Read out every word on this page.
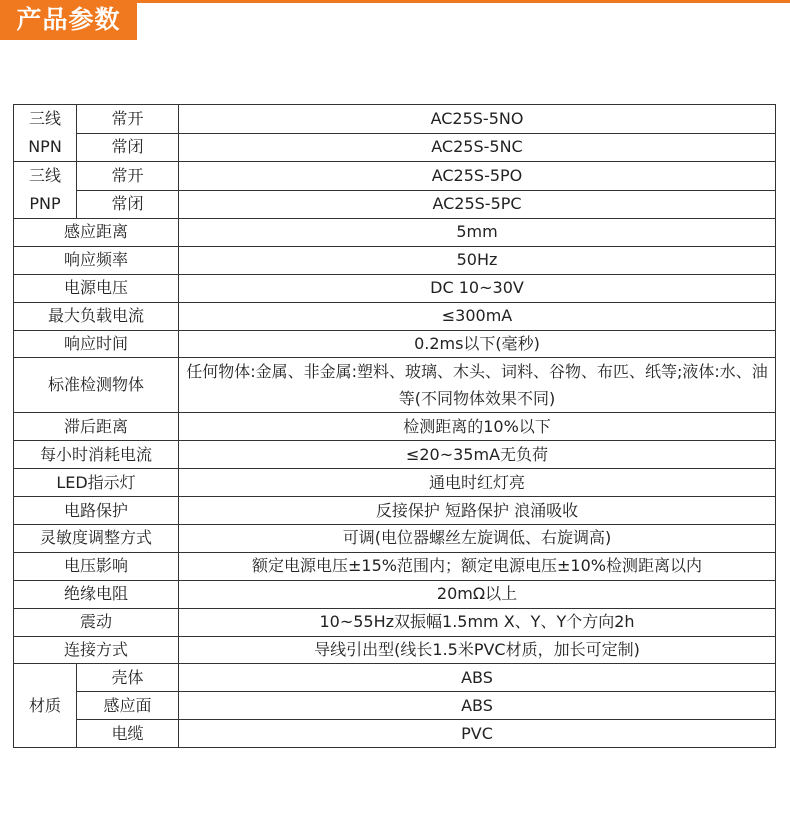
产品参数
三线
NPN	常开	AC25S-5NO
	常闭	AC25S-5NC
三线
PNP	常开	AC25S-5PO
	常闭	AC25S-5PC
感应距离		5mm
响应频率		50Hz
电源电压		DC 10~30V
最大负载电流		≤300mA
响应时间		0.2ms以下(毫秒)
标准检测物体		任何物体:金属、非金属:塑料、玻璃、木头、词料、谷物、布匹、纸等;液体:水、油等(不同物体效果不同)
滞后距离		检测距离的10%以下
每小时消耗电流		≤20~35mA无负荷
LED指示灯		通电时红灯亮
电路保护		反接保护 短路保护 浪涌吸收
灵敏度调整方式		可调(电位器螺丝左旋调低、右旋调高)
电压影响		额定电源电压±15%范围内；额定电源电压±10%检测距离以内
绝缘电阻		20mΩ以上
震动		10~55Hz双振幅1.5mm X、Y、Y个方向2h
连接方式		导线引出型(线长1.5米PVC材质，加长可定制)
材质	壳体	ABS
	感应面	ABS
	电缆	PVC
